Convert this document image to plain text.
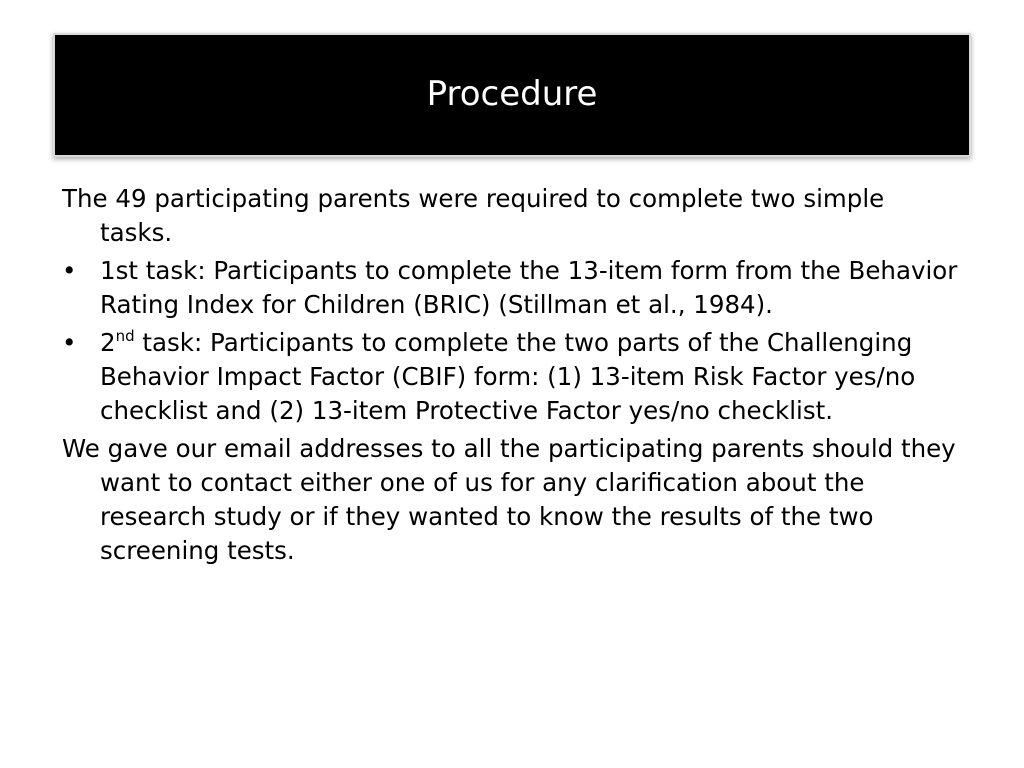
Procedure

The 49 participating parents were required to complete two simple tasks.

• 1st task: Participants to complete the 13-item form from the Behavior Rating Index for Children (BRIC) (Stillman et al., 1984).
• 2nd task: Participants to complete the two parts of the Challenging Behavior Impact Factor (CBIF) form: (1) 13-item Risk Factor yes/no checklist and (2) 13-item Protective Factor yes/no checklist.

We gave our email addresses to all the participating parents should they want to contact either one of us for any clarification about the research study or if they wanted to know the results of the two screening tests.
